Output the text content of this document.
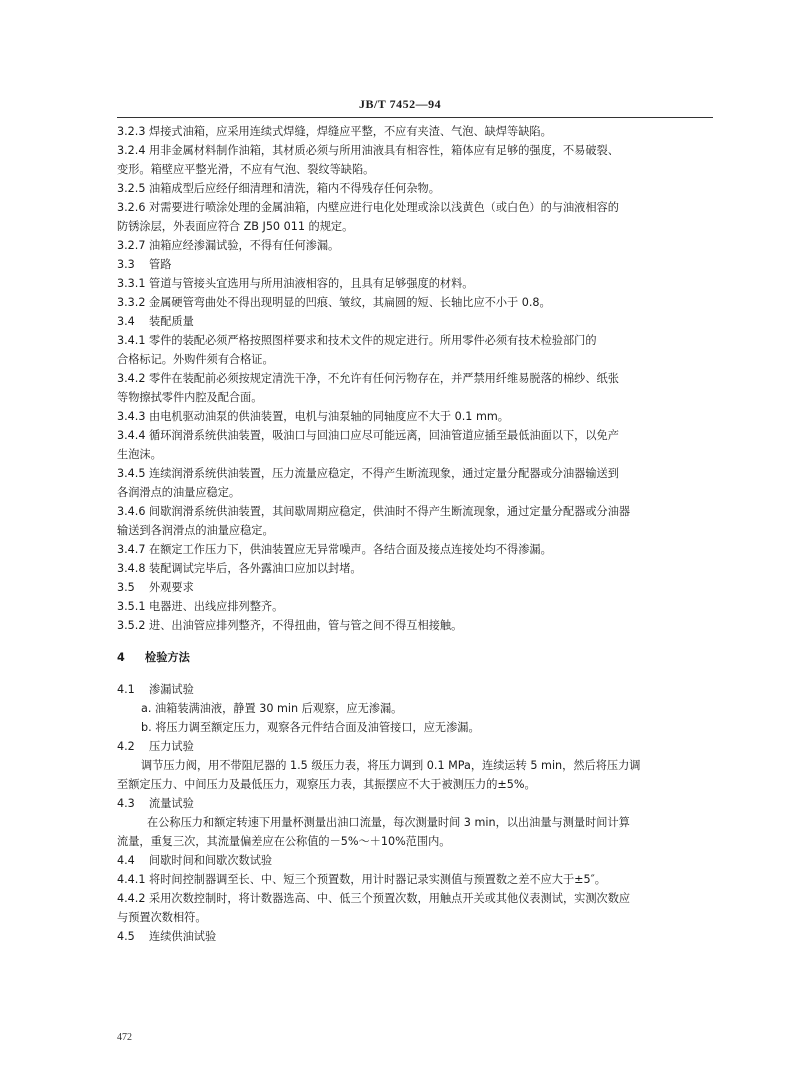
JB/T 7452—94
3.2.3 焊接式油箱，应采用连续式焊缝，焊缝应平整，不应有夹渣、气泡、缺焊等缺陷。
3.2.4 用非金属材料制作油箱，其材质必须与所用油液具有相容性，箱体应有足够的强度，不易破裂、
变形。箱壁应平整光滑，不应有气泡、裂纹等缺陷。
3.2.5 油箱成型后应经仔细清理和清洗，箱内不得残存任何杂物。
3.2.6 对需要进行喷涂处理的金属油箱，内壁应进行电化处理或涂以浅黄色（或白色）的与油液相容的
防锈涂层，外表面应符合 ZB J50 011 的规定。
3.2.7 油箱应经渗漏试验，不得有任何渗漏。
3.3 管路
3.3.1 管道与管接头宜选用与所用油液相容的，且具有足够强度的材料。
3.3.2 金属硬管弯曲处不得出现明显的凹痕、皱纹，其扁圆的短、长轴比应不小于 0.8。
3.4 装配质量
3.4.1 零件的装配必须严格按照图样要求和技术文件的规定进行。所用零件必须有技术检验部门的
合格标记。外购件须有合格证。
3.4.2 零件在装配前必须按规定清洗干净，不允许有任何污物存在，并严禁用纤维易脱落的棉纱、纸张
等物擦拭零件内腔及配合面。
3.4.3 由电机驱动油泵的供油装置，电机与油泵轴的同轴度应不大于 0.1 mm。
3.4.4 循环润滑系统供油装置，吸油口与回油口应尽可能远离，回油管道应插至最低油面以下，以免产
生泡沫。
3.4.5 连续润滑系统供油装置，压力流量应稳定，不得产生断流现象，通过定量分配器或分油器输送到
各润滑点的油量应稳定。
3.4.6 间歇润滑系统供油装置，其间歇周期应稳定，供油时不得产生断流现象，通过定量分配器或分油器
输送到各润滑点的油量应稳定。
3.4.7 在额定工作压力下，供油装置应无异常噪声。各结合面及接点连接处均不得渗漏。
3.4.8 装配调试完毕后，各外露油口应加以封堵。
3.5 外观要求
3.5.1 电器进、出线应排列整齐。
3.5.2 进、出油管应排列整齐，不得扭曲，管与管之间不得互相接触。
4 检验方法
4.1 渗漏试验
a. 油箱装满油液，静置 30 min 后观察，应无渗漏。
b. 将压力调至额定压力，观察各元件结合面及油管接口，应无渗漏。
4.2 压力试验
调节压力阀，用不带阻尼器的 1.5 级压力表，将压力调到 0.1 MPa，连续运转 5 min，然后将压力调
至额定压力、中间压力及最低压力，观察压力表，其振摆应不大于被测压力的±5%。
4.3 流量试验
在公称压力和额定转速下用量杯测量出油口流量，每次测量时间 3 min，以出油量与测量时间计算
流量，重复三次，其流量偏差应在公称值的－5%～＋10%范围内。
4.4 间歇时间和间歇次数试验
4.4.1 将时间控制器调至长、中、短三个预置数，用计时器记录实测值与预置数之差不应大于±5″。
4.4.2 采用次数控制时，将计数器选高、中、低三个预置次数，用触点开关或其他仪表测试，实测次数应
与预置次数相符。
4.5 连续供油试验
472
